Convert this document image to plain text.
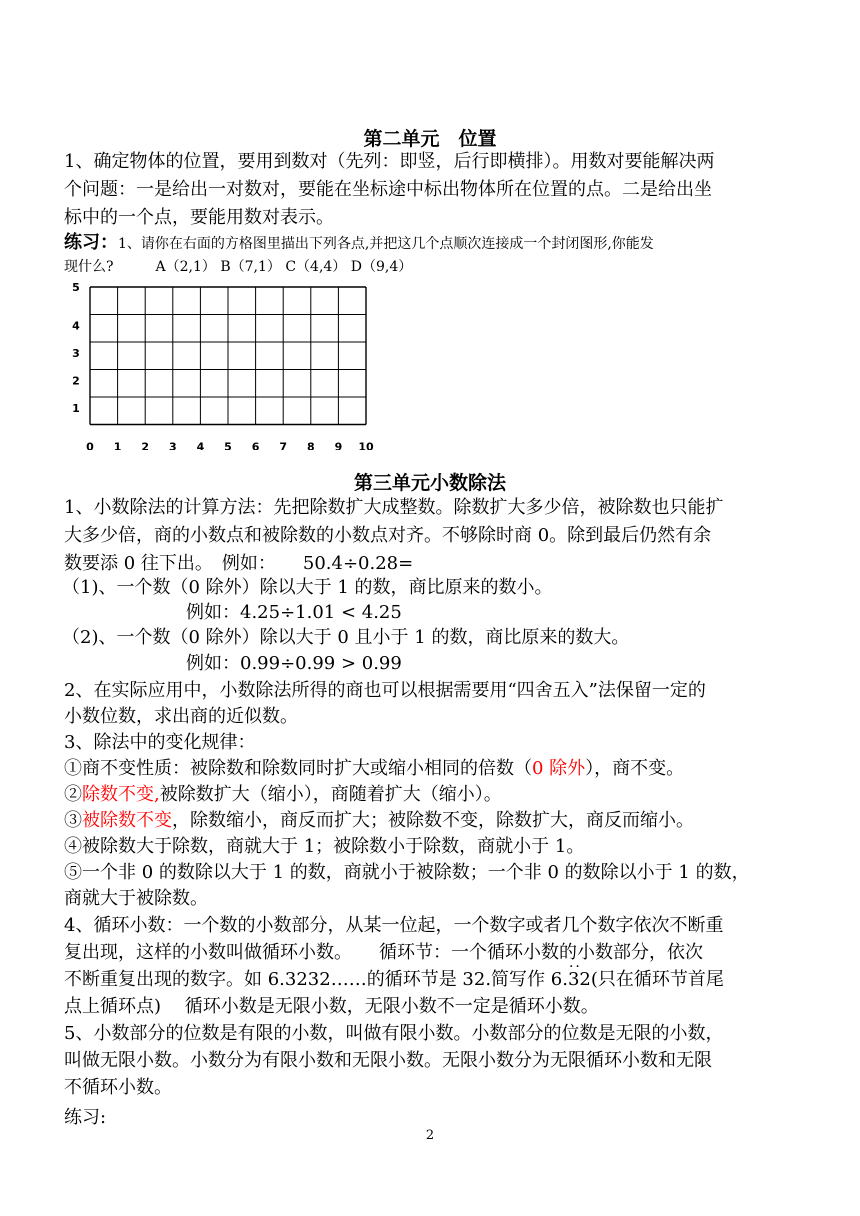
第二单元　位置
1、确定物体的位置，要用到数对（先列：即竖，后行即横排）。用数对要能解决两
个问题：一是给出一对数对，要能在坐标途中标出物体所在位置的点。二是给出坐
标中的一个点，要能用数对表示。
练习：1、请你在右面的方格图里描出下列各点,并把这几个点顺次连接成一个封闭图形,你能发
现什么?　　　A（2,1） B（7,1） C（4,4） D（9,4）
0 1 2 3 4 5 6 7 8 9 10
1
2
3
4
5
第三单元小数除法
1、小数除法的计算方法：先把除数扩大成整数。除数扩大多少倍，被除数也只能扩
大多少倍，商的小数点和被除数的小数点对齐。不够除时商 0。除到最后仍然有余
数要添 0 往下出。　例如：　　50.4÷0.28=
（1)、一个数（0 除外）除以大于 1 的数，商比原来的数小。
例如：4.25÷1.01 < 4.25
（2)、一个数（0 除外）除以大于 0 且小于 1 的数，商比原来的数大。
例如：0.99÷0.99 > 0.99
2、在实际应用中，小数除法所得的商也可以根据需要用“四舍五入”法保留一定的
小数位数，求出商的近似数。
3、除法中的变化规律：
①商不变性质：被除数和除数同时扩大或缩小相同的倍数（0 除外），商不变。
②除数不变,被除数扩大（缩小），商随着扩大（缩小）。
③被除数不变，除数缩小，商反而扩大；被除数不变，除数扩大，商反而缩小。
④被除数大于除数，商就大于 1；被除数小于除数，商就小于 1。
⑤一个非 0 的数除以大于 1 的数，商就小于被除数；一个非 0 的数除以小于 1 的数，
商就大于被除数。
4、循环小数：一个数的小数部分，从某一位起，一个数字或者几个数字依次不断重
复出现，这样的小数叫做循环小数。　　循环节：一个循环小数的小数部分，依次
不断重复出现的数字。如 6.3232……的循环节是 32.简写作 6.·· 32(只在循环节首尾
点上循环点)　 循环小数是无限小数，无限小数不一定是循环小数。
5、小数部分的位数是有限的小数，叫做有限小数。小数部分的位数是无限的小数，
叫做无限小数。小数分为有限小数和无限小数。无限小数分为无限循环小数和无限
不循环小数。
练习:
2
